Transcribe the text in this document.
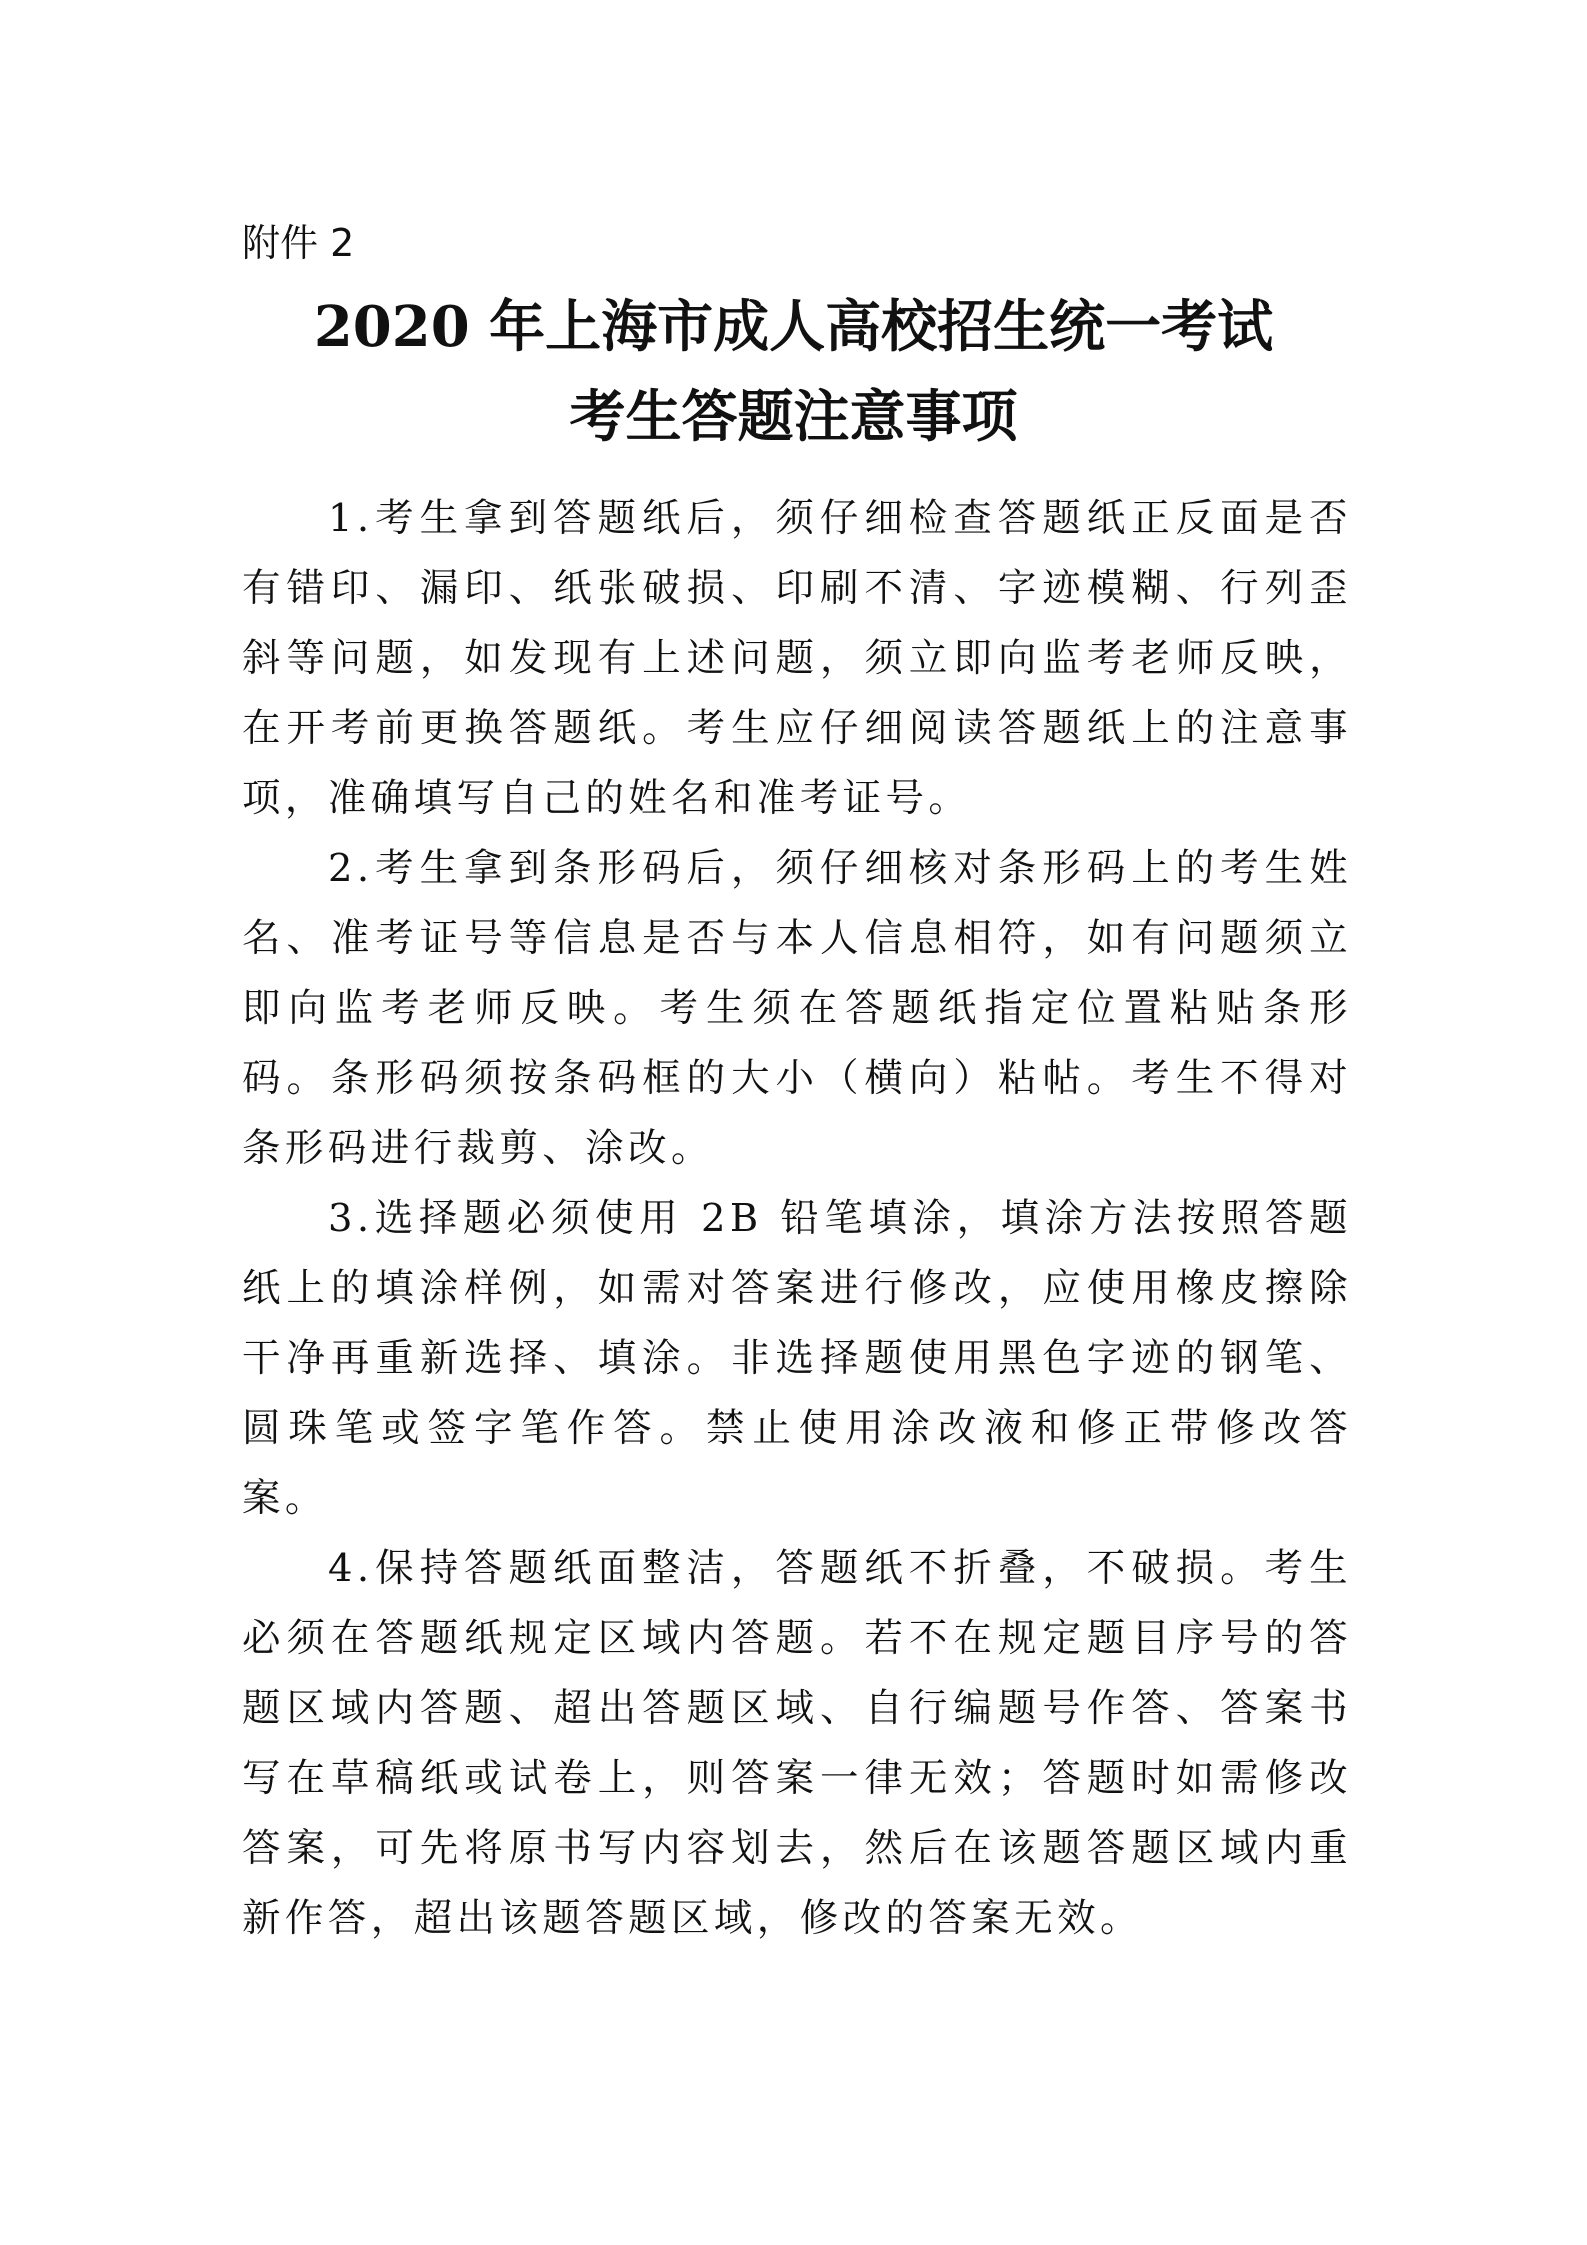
附件 2
2020 年上海市成人高校招生统一考试
考生答题注意事项

1.考生拿到答题纸后，须仔细检查答题纸正反面是否有错印、漏印、纸张破损、印刷不清、字迹模糊、行列歪斜等问题，如发现有上述问题，须立即向监考老师反映，在开考前更换答题纸。考生应仔细阅读答题纸上的注意事项，准确填写自己的姓名和准考证号。

2.考生拿到条形码后，须仔细核对条形码上的考生姓名、准考证号等信息是否与本人信息相符，如有问题须立即向监考老师反映。考生须在答题纸指定位置粘贴条形码。条形码须按条码框的大小（横向）粘帖。考生不得对条形码进行裁剪、涂改。

3.选择题必须使用 2B 铅笔填涂，填涂方法按照答题纸上的填涂样例，如需对答案进行修改，应使用橡皮擦除干净再重新选择、填涂。非选择题使用黑色字迹的钢笔、圆珠笔或签字笔作答。禁止使用涂改液和修正带修改答案。

4.保持答题纸面整洁，答题纸不折叠，不破损。考生必须在答题纸规定区域内答题。若不在规定题目序号的答题区域内答题、超出答题区域、自行编题号作答、答案书写在草稿纸或试卷上，则答案一律无效；答题时如需修改答案，可先将原书写内容划去，然后在该题答题区域内重新作答，超出该题答题区域，修改的答案无效。
